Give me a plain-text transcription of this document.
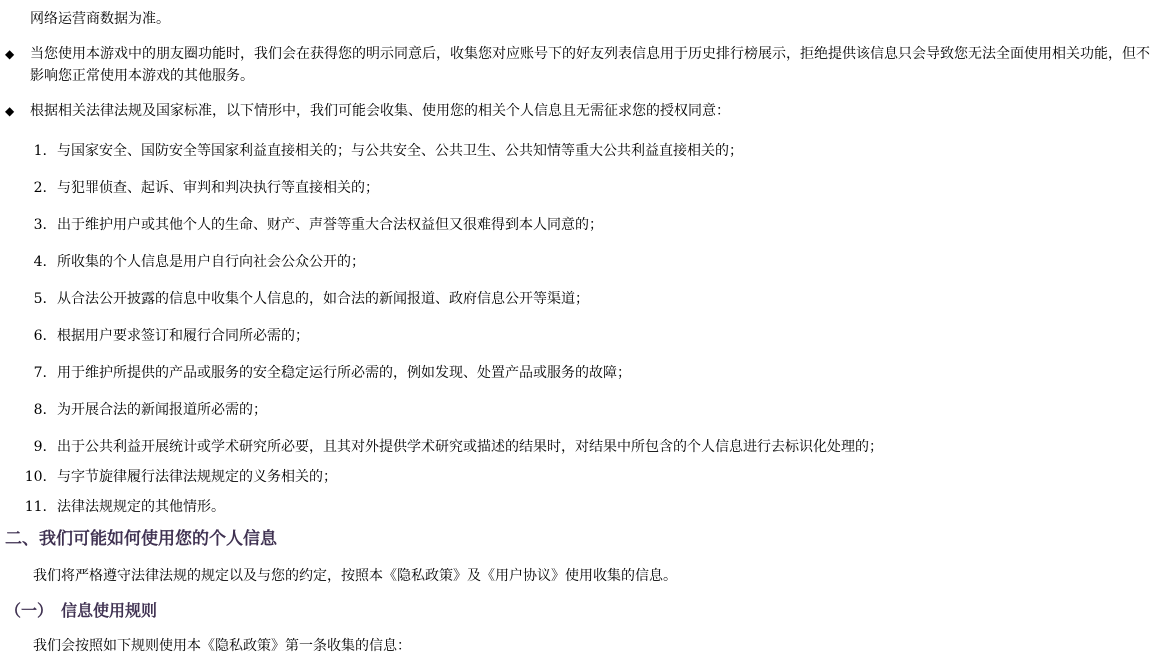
网络运营商数据为准。

◆	当您使用本游戏中的朋友圈功能时，我们会在获得您的明示同意后，收集您对应账号下的好友列表信息用于历史排行榜展示，拒绝提供该信息只会导致您无法全面使用相关功能，但不影响您正常使用本游戏的其他服务。
◆	根据相关法律法规及国家标准，以下情形中，我们可能会收集、使用您的相关个人信息且无需征求您的授权同意：
1. 与国家安全、国防安全等国家利益直接相关的；与公共安全、公共卫生、公共知情等重大公共利益直接相关的；
2. 与犯罪侦查、起诉、审判和判决执行等直接相关的；
3. 出于维护用户或其他个人的生命、财产、声誉等重大合法权益但又很难得到本人同意的；
4. 所收集的个人信息是用户自行向社会公众公开的；
5. 从合法公开披露的信息中收集个人信息的，如合法的新闻报道、政府信息公开等渠道；
6. 根据用户要求签订和履行合同所必需的；
7. 用于维护所提供的产品或服务的安全稳定运行所必需的，例如发现、处置产品或服务的故障；
8. 为开展合法的新闻报道所必需的；
9. 出于公共利益开展统计或学术研究所必要，且其对外提供学术研究或描述的结果时，对结果中所包含的个人信息进行去标识化处理的；
10. 与字节旋律履行法律法规规定的义务相关的；
11. 法律法规规定的其他情形。
二、我们可能如何使用您的个人信息

我们将严格遵守法律法规的规定以及与您的约定，按照本《隐私政策》及《用户协议》使用收集的信息。

（一）　信息使用规则

我们会按照如下规则使用本《隐私政策》第一条收集的信息：
